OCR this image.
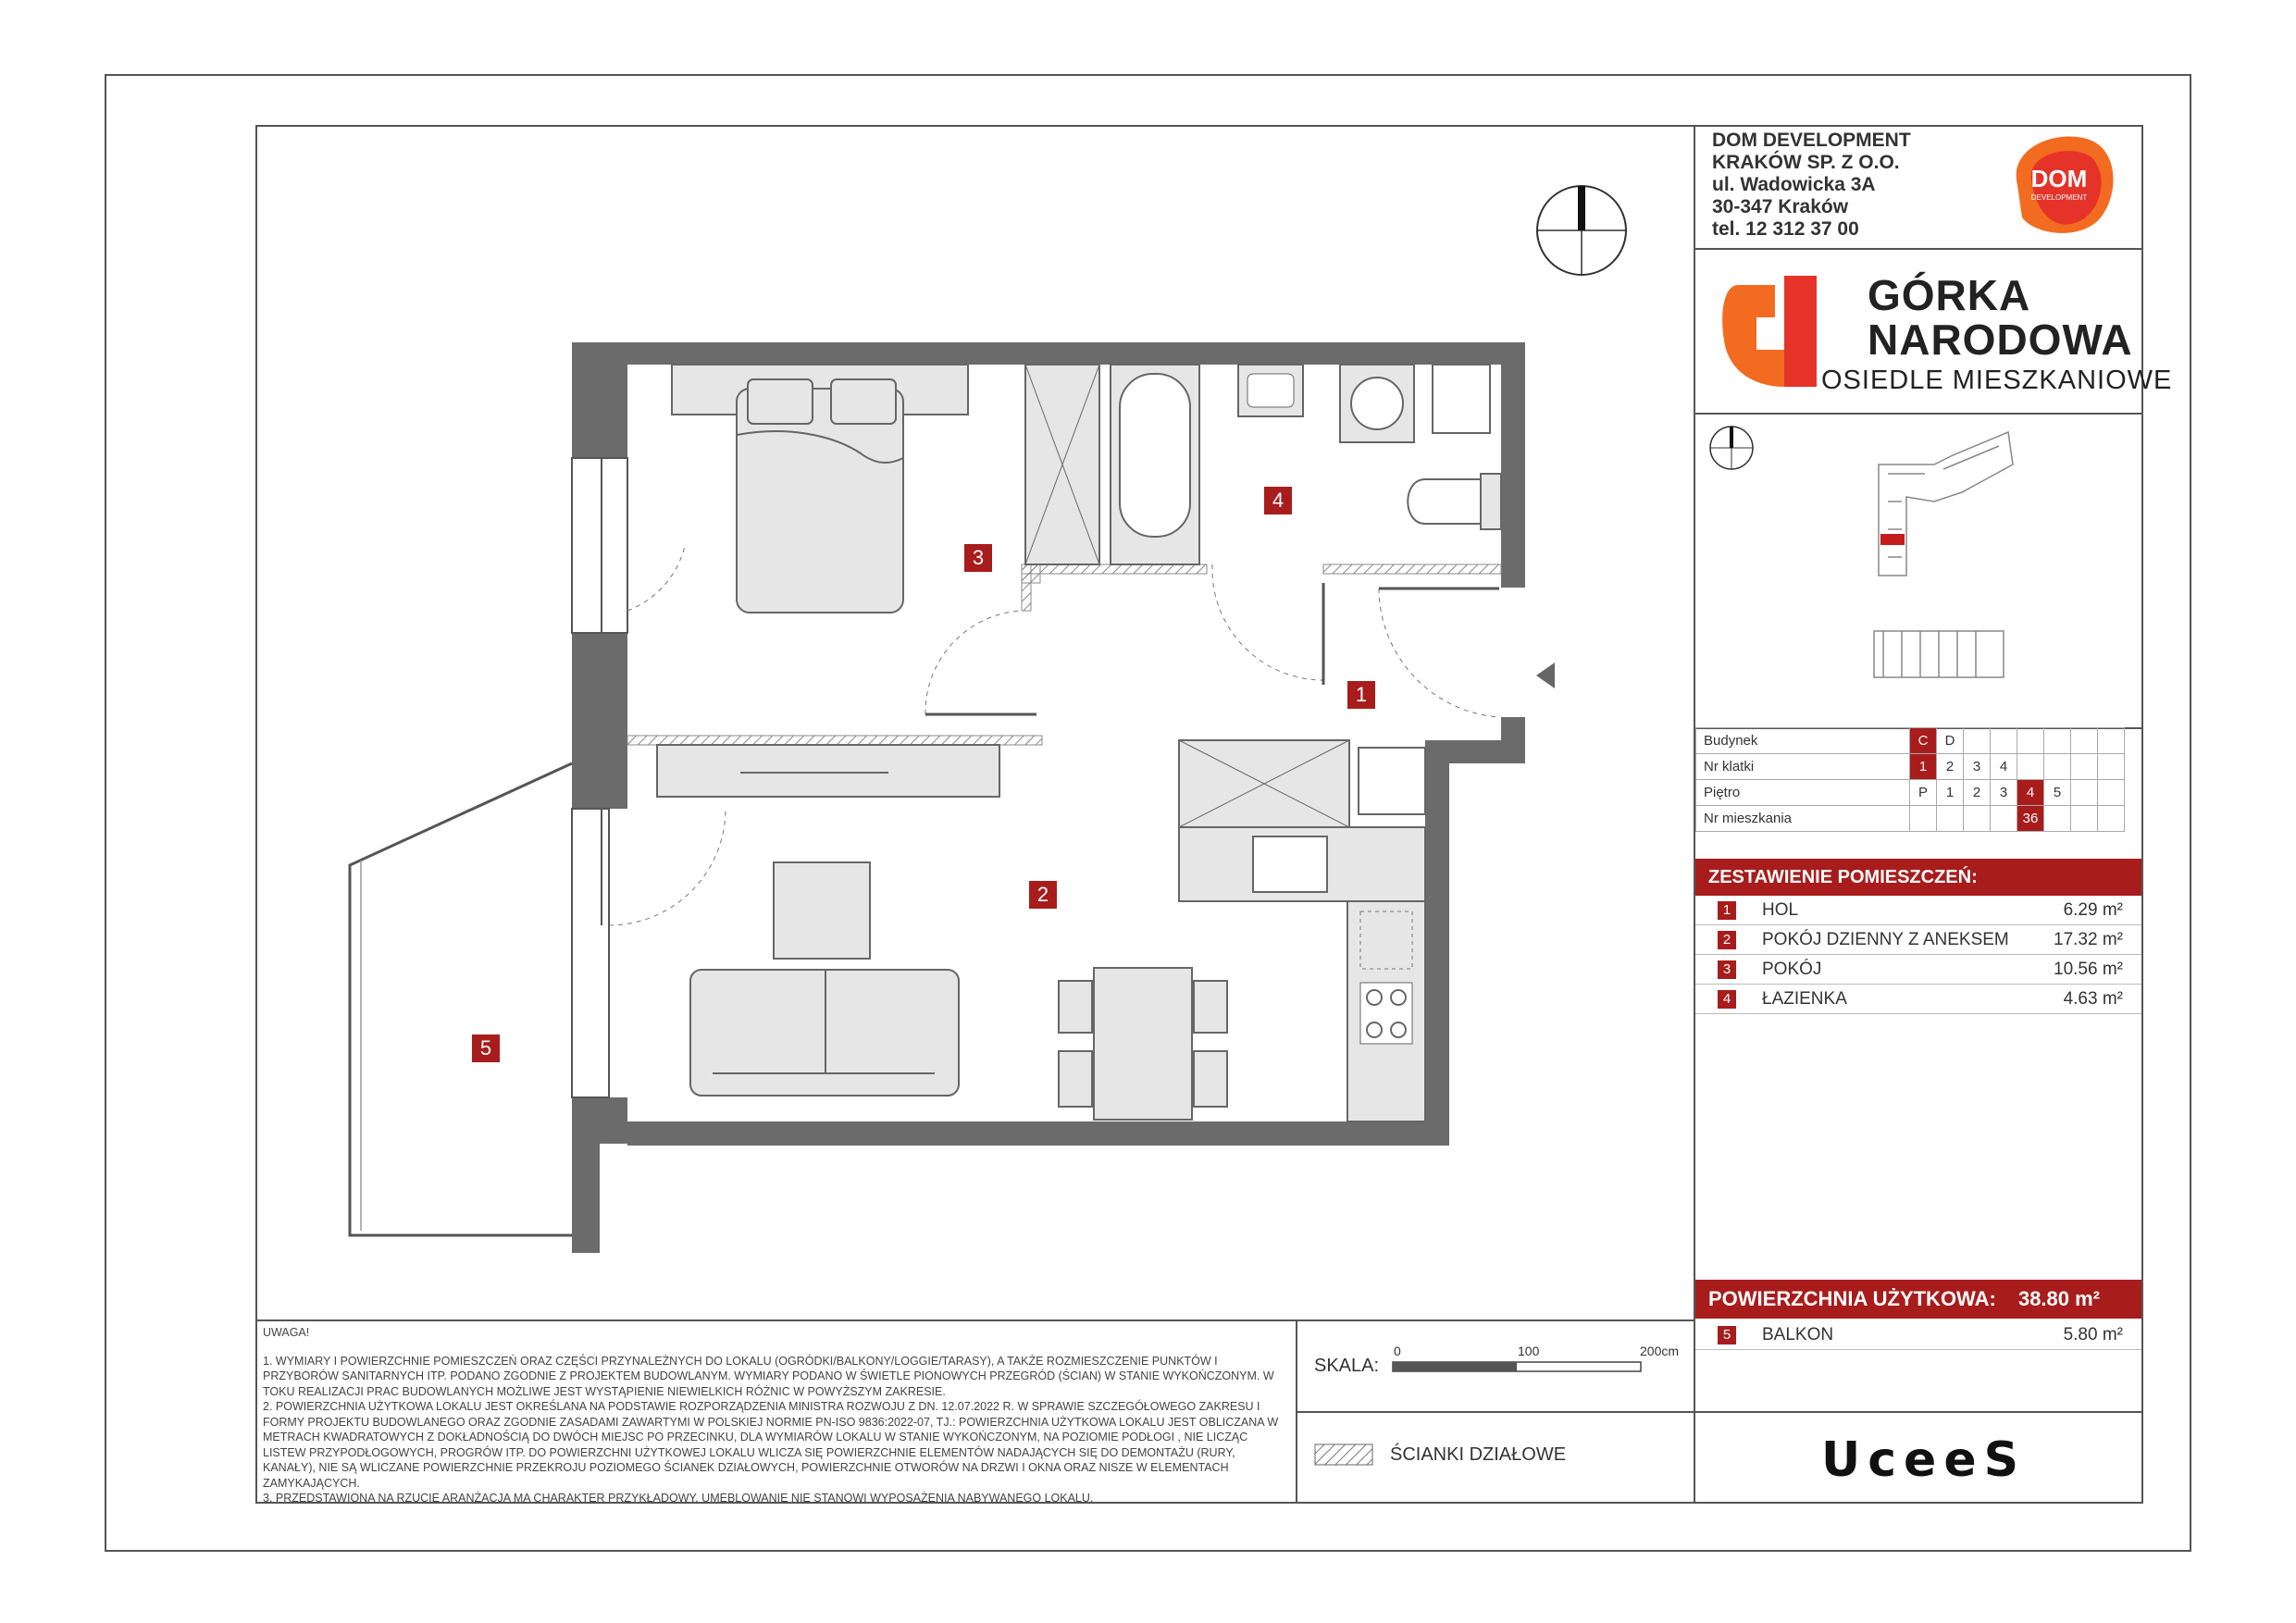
DOM DEVELOPMENT
KRAKÓW SP. Z O.O.
ul. Wadowicka 3A
30-347 Kraków
tel. 12 312 37 00
DOM
DEVELOPMENT
GÓRKA
NARODOWA
OSIEDLE MIESZKANIOWE
Budynek	C	D						
Nr klatki	1	2	3	4				
Piętro	P	1	2	3	4	5		
Nr mieszkania					36			
ZESTAWIENIE POMIESZCZEŃ:
1	HOL	6.29 m²
2	POKÓJ DZIENNY Z ANEKSEM	17.32 m²
3	POKÓJ	10.56 m²
4	ŁAZIENKA	4.63 m²
POWIERZCHNIA UŻYTKOWA: 38.80 m²
5	BALKON	5.80 m²

UWAGA!

1. WYMIARY I POWIERZCHNIE POMIESZCZEŃ ORAZ CZĘŚCI PRZYNALEŻNYCH DO LOKALU (OGRÓDKI/BALKONY/LOGGIE/TARASY), A TAKŻE ROZMIESZCZENIE PUNKTÓW I PRZYBORÓW SANITARNYCH ITP. PODANO ZGODNIE Z PROJEKTEM BUDOWLANYM. WYMIARY PODANO W ŚWIETLE PIONOWYCH PRZEGRÓD (ŚCIAN) W STANIE WYKOŃCZONYM. W TOKU REALIZACJI PRAC BUDOWLANYCH MOŻLIWE JEST WYSTĄPIENIE NIEWIELKICH RÓŻNIC W POWYŻSZYM ZAKRESIE.

2. POWIERZCHNIA UŻYTKOWA LOKALU JEST OKREŚLANA NA PODSTAWIE ROZPORZĄDZENIA MINISTRA ROZWOJU Z DN. 12.07.2022 R. W SPRAWIE SZCZEGÓŁOWEGO ZAKRESU I FORMY PROJEKTU BUDOWLANEGO ORAZ ZGODNIE ZASADAMI ZAWARTYMI W POLSKIEJ NORMIE PN-ISO 9836:2022-07, TJ.: POWIERZCHNIA UŻYTKOWA LOKALU JEST OBLICZANA W METRACH KWADRATOWYCH Z DOKŁADNOŚCIĄ DO DWÓCH MIEJSC PO PRZECINKU, DLA WYMIARÓW LOKALU W STANIE WYKOŃCZONYM, NA POZIOMIE PODŁOGI , NIE LICZĄC LISTEW PRZYPODŁOGOWYCH, PROGRÓW ITP. DO POWIERZCHNI UŻYTKOWEJ LOKALU WLICZA SIĘ POWIERZCHNIE ELEMENTÓW NADAJĄCYCH SIĘ DO DEMONTAŻU (RURY, KANAŁY), NIE SĄ WLICZANE POWIERZCHNIE PRZEKROJU POZIOMEGO ŚCIANEK DZIAŁOWYCH, POWIERZCHNIE OTWORÓW NA DRZWI I OKNA ORAZ NISZE W ELEMENTACH ZAMYKAJĄCYCH.

3. PRZEDSTAWIONA NA RZUCIE ARANŻACJA MA CHARAKTER PRZYKŁADOWY, UMEBLOWANIE NIE STANOWI WYPOSAŻENIA NABYWANEGO LOKALU.

SKALA:
0	100	200cm
ŚCIANKI DZIAŁOWE	UceeS
4
3
1
2
5
